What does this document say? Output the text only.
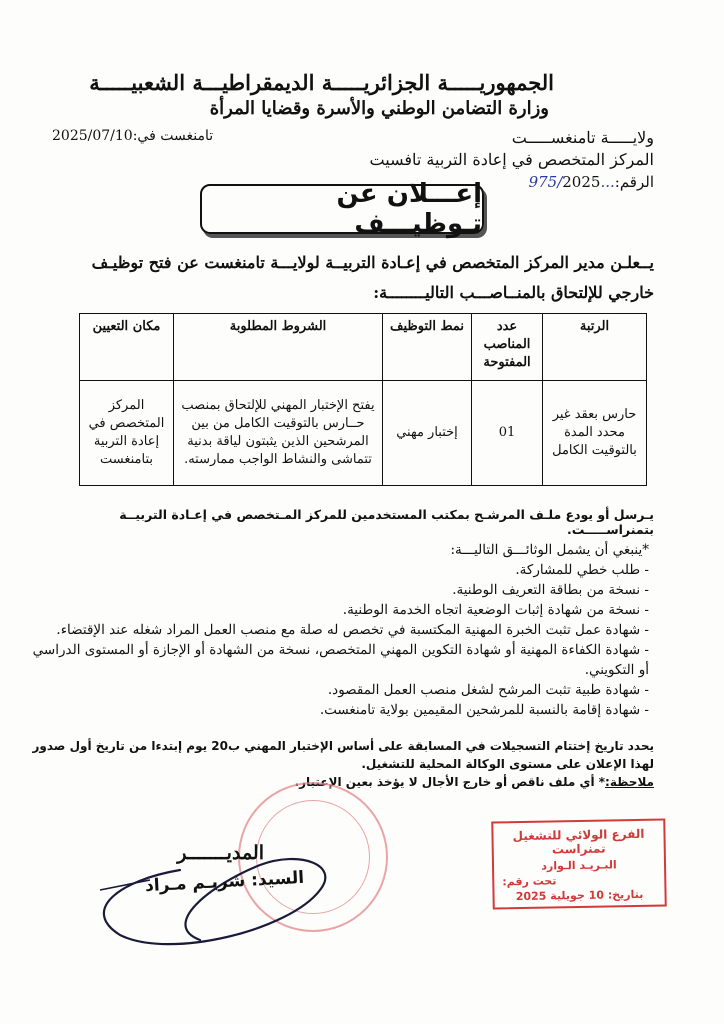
الجمهوريـــــة الجزائريـــــة الديمقراطيـــة الشعبيـــــة
وزارة التضامن الوطني والأسرة وقضايا المرأة
ولايـــــة تامنغســـــت
تامنغست في:2025/07/10
المركز المتخصص في إعادة التربية تافسيت
الرقم:...975/2025
إعـــلان عن تـوظيـــف
يــعلـن مدير المركز المتخصص في إعـادة التربيــة لولايـــة تامنغست عن فتح توظيـف خارجي للإلتحاق بالمنــاصـــب التاليــــــــة:
الرتبة	عدد المناصب المفتوحة	نمط التوظيف	الشروط المطلوبة	مكان التعيين
حارس بعقد غير محدد المدة بالتوقيت الكامل	01	إختبار مهني	يفتح الإختبار المهني للإلتحاق بمنصب حــارس بالتوقيت الكامل من بين المرشحين الذين يثبتون لياقة بدنية تتماشى والنشاط الواجب ممارسته.	المركز المتخصص في إعادة التربية بتامنغست
يـرسل أو يودع ملـف المرشـح بمكتب المستخدمين للمركز المـتخصص في إعـادة التربيــة بتمنراســـــت.
*ينبغي أن يشمل الوثائـــق التاليـــة:
- طلب خطي للمشاركة.
- نسخة من بطاقة التعريف الوطنية.
- نسخة من شهادة إثبات الوضعية اتجاه الخدمة الوطنية.
- شهادة عمل تثبت الخبرة المهنية المكتسبة في تخصص له صلة مع منصب العمل المراد شغله عند الإقتضاء.
- شهادة الكفاءة المهنية أو شهادة التكوين المهني المتخصص، نسخة من الشهادة أو الإجازة أو المستوى الدراسي أو التكويني.
- شهادة طبية تثبت المرشح لشغل منصب العمل المقصود.
- شهادة إقامة بالنسبة للمرشحين المقيمين بولاية تامنغست.
يحدد تاريخ إختتام التسجيلات في المسابقة على أساس الإختبار المهني ب20 يوم إبتدءا من تاريخ أول صدور لهذا الإعلان على مستوى الوكالة المحلية للتشغيل.
ملاحظة:* أي ملف ناقص أو خارج الأجال لا يؤخذ بعين الإعتبار.
المديـــــــر
السيد: شريـم مـراد
الفرع الولائي للتشغيل تمنراست
البـريـد الـوارد
تحت رقم:
بتاريخ: 10 جويلية 2025
